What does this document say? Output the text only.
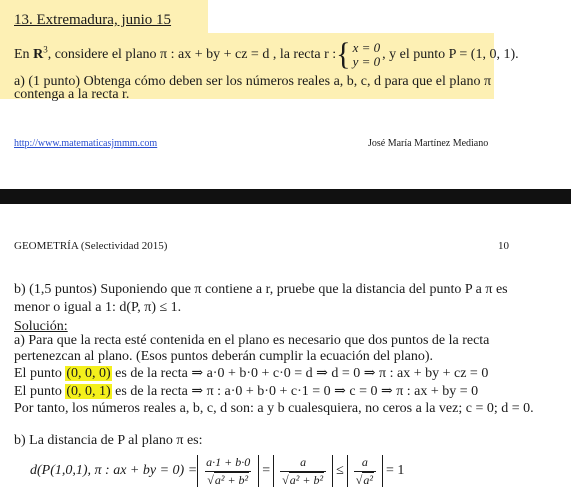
13. Extremadura, junio 15
En $R^3$, considere el plano π : ax + by + cz = d , la recta r :{ x = 0
y = 0 , y el punto P = (1, 0, 1).
a) (1 punto) Obtenga cómo deben ser los números reales a, b, c, d para que el plano π
contenga a la recta r.
http://www.matematicasjmmm.com	José María Martínez Mediano
GEOMETRÍA (Selectividad 2015)	10
b) (1,5 puntos) Suponiendo que π contiene a r, pruebe que la distancia del punto P a π es
menor o igual a 1: d(P, π) ≤ 1.
Solución:
a) Para que la recta esté contenida en el plano es necesario que dos puntos de la recta
pertenezcan al plano. (Esos puntos deberán cumplir la ecuación del plano).
El punto (0, 0, 0) es de la recta ⇒ a·0 + b·0 + c·0 = d ⇒ d = 0 ⇒ π : ax + by + cz = 0
El punto (0, 0, 1) es de la recta ⇒ π : a·0 + b·0 + c·1 = 0 ⇒ c = 0 ⇒ π : ax + by = 0
Por tanto, los números reales a, b, c, d son: a y b cualesquiera, no ceros a la vez; c = 0; d = 0.
b) La distancia de P al plano π es:
d(P(1,0,1), π : ax + by = $0) = \frac{a\cdot 1 + b\cdot 0}{\text{√a² + b²}} = \frac{a}{\text{√a² + b²}} \le \frac{a}{\text{√a²}} = 1$
